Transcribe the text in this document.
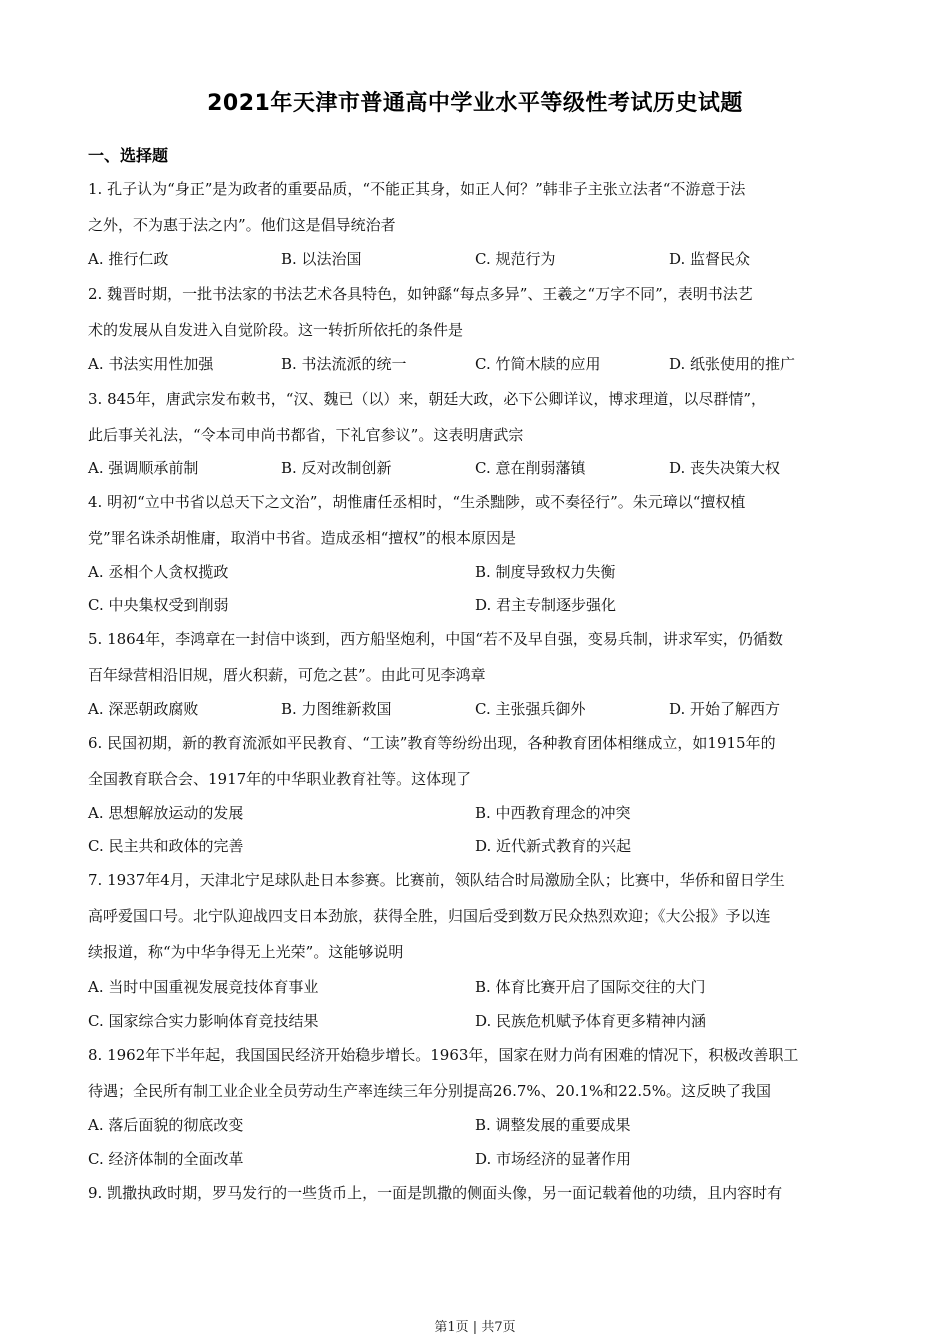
2021年天津市普通高中学业水平等级性考试历史试题
一、选择题
1. 孔子认为“身正”是为政者的重要品质，“不能正其身，如正人何？”韩非子主张立法者“不游意于法
之外，不为惠于法之内”。他们这是倡导统治者
A. 推行仁政	B. 以法治国	C. 规范行为	D. 监督民众
2. 魏晋时期，一批书法家的书法艺术各具特色，如钟繇“每点多异”、王羲之“万字不同”，表明书法艺
术的发展从自发进入自觉阶段。这一转折所依托的条件是
A. 书法实用性加强	B. 书法流派的统一	C. 竹简木牍的应用	D. 纸张使用的推广
3. 845年，唐武宗发布敕书，“汉、魏已（以）来，朝廷大政，必下公卿详议，博求理道，以尽群情”，
此后事关礼法，“令本司申尚书都省，下礼官参议”。这表明唐武宗
A. 强调顺承前制	B. 反对改制创新	C. 意在削弱藩镇	D. 丧失决策大权
4. 明初“立中书省以总天下之文治”，胡惟庸任丞相时，“生杀黜陟，或不奏径行”。朱元璋以“擅权植
党”罪名诛杀胡惟庸，取消中书省。造成丞相“擅权”的根本原因是
A. 丞相个人贪权揽政	B. 制度导致权力失衡
C. 中央集权受到削弱	D. 君主专制逐步强化
5. 1864年，李鸿章在一封信中谈到，西方船坚炮利，中国“若不及早自强，变易兵制，讲求军实，仍循数
百年绿营相沿旧规，厝火积薪，可危之甚”。由此可见李鸿章
A. 深恶朝政腐败	B. 力图维新救国	C. 主张强兵御外	D. 开始了解西方
6. 民国初期，新的教育流派如平民教育、“工读”教育等纷纷出现，各种教育团体相继成立，如1915年的
全国教育联合会、1917年的中华职业教育社等。这体现了
A. 思想解放运动的发展	B. 中西教育理念的冲突
C. 民主共和政体的完善	D. 近代新式教育的兴起
7. 1937年4月，天津北宁足球队赴日本参赛。比赛前，领队结合时局激励全队；比赛中，华侨和留日学生
高呼爱国口号。北宁队迎战四支日本劲旅，获得全胜，归国后受到数万民众热烈欢迎；《大公报》予以连
续报道，称“为中华争得无上光荣”。这能够说明
A. 当时中国重视发展竞技体育事业	B. 体育比赛开启了国际交往的大门
C. 国家综合实力影响体育竞技结果	D. 民族危机赋予体育更多精神内涵
8. 1962年下半年起，我国国民经济开始稳步增长。1963年，国家在财力尚有困难的情况下，积极改善职工
待遇；全民所有制工业企业全员劳动生产率连续三年分别提高26.7%、20.1%和22.5%。这反映了我国
A. 落后面貌的彻底改变	B. 调整发展的重要成果
C. 经济体制的全面改革	D. 市场经济的显著作用
9. 凯撒执政时期，罗马发行的一些货币上，一面是凯撒的侧面头像，另一面记载着他的功绩，且内容时有
第1页 | 共7页
